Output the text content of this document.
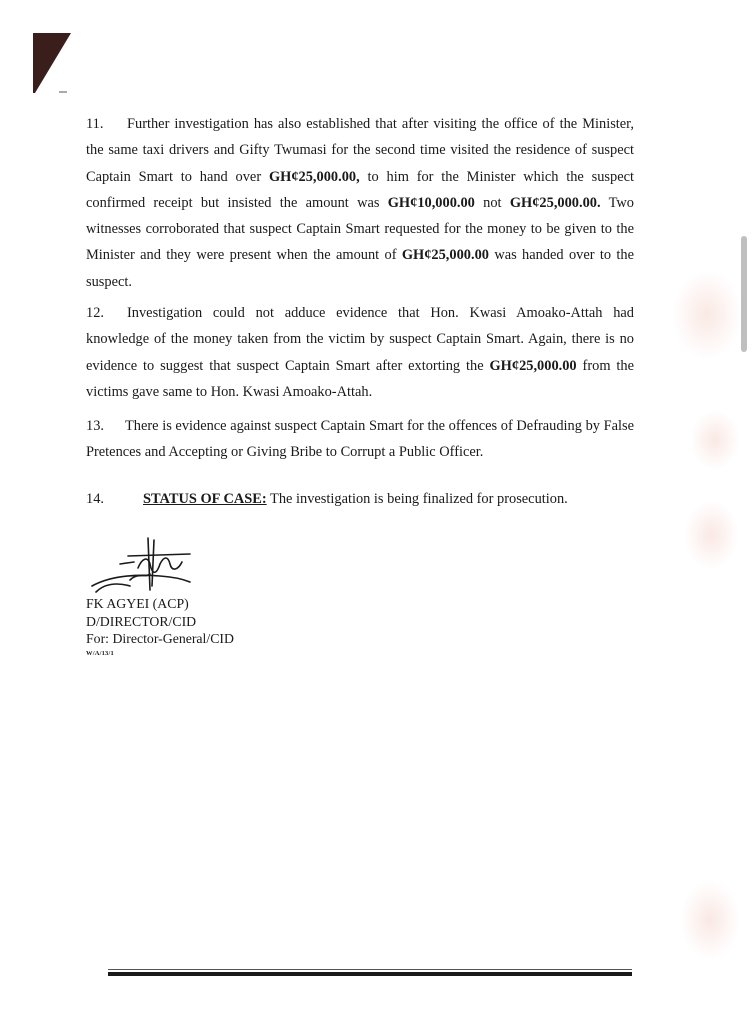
11. Further investigation has also established that after visiting the office of the Minister, the same taxi drivers and Gifty Twumasi for the second time visited the residence of suspect Captain Smart to hand over GH¢25,000.00, to him for the Minister which the suspect confirmed receipt but insisted the amount was GH¢10,000.00 not GH¢25,000.00. Two witnesses corroborated that suspect Captain Smart requested for the money to be given to the Minister and they were present when the amount of GH¢25,000.00 was handed over to the suspect.
12. Investigation could not adduce evidence that Hon. Kwasi Amoako-Attah had knowledge of the money taken from the victim by suspect Captain Smart. Again, there is no evidence to suggest that suspect Captain Smart after extorting the GH¢25,000.00 from the victims gave same to Hon. Kwasi Amoako-Attah.
13. There is evidence against suspect Captain Smart for the offences of Defrauding by False Pretences and Accepting or Giving Bribe to Corrupt a Public Officer.
14.	STATUS OF CASE: The investigation is being finalized for prosecution.
FK AGYEI (ACP)
D/DIRECTOR/CID
For: Director-General/CID
W/A/13/1
